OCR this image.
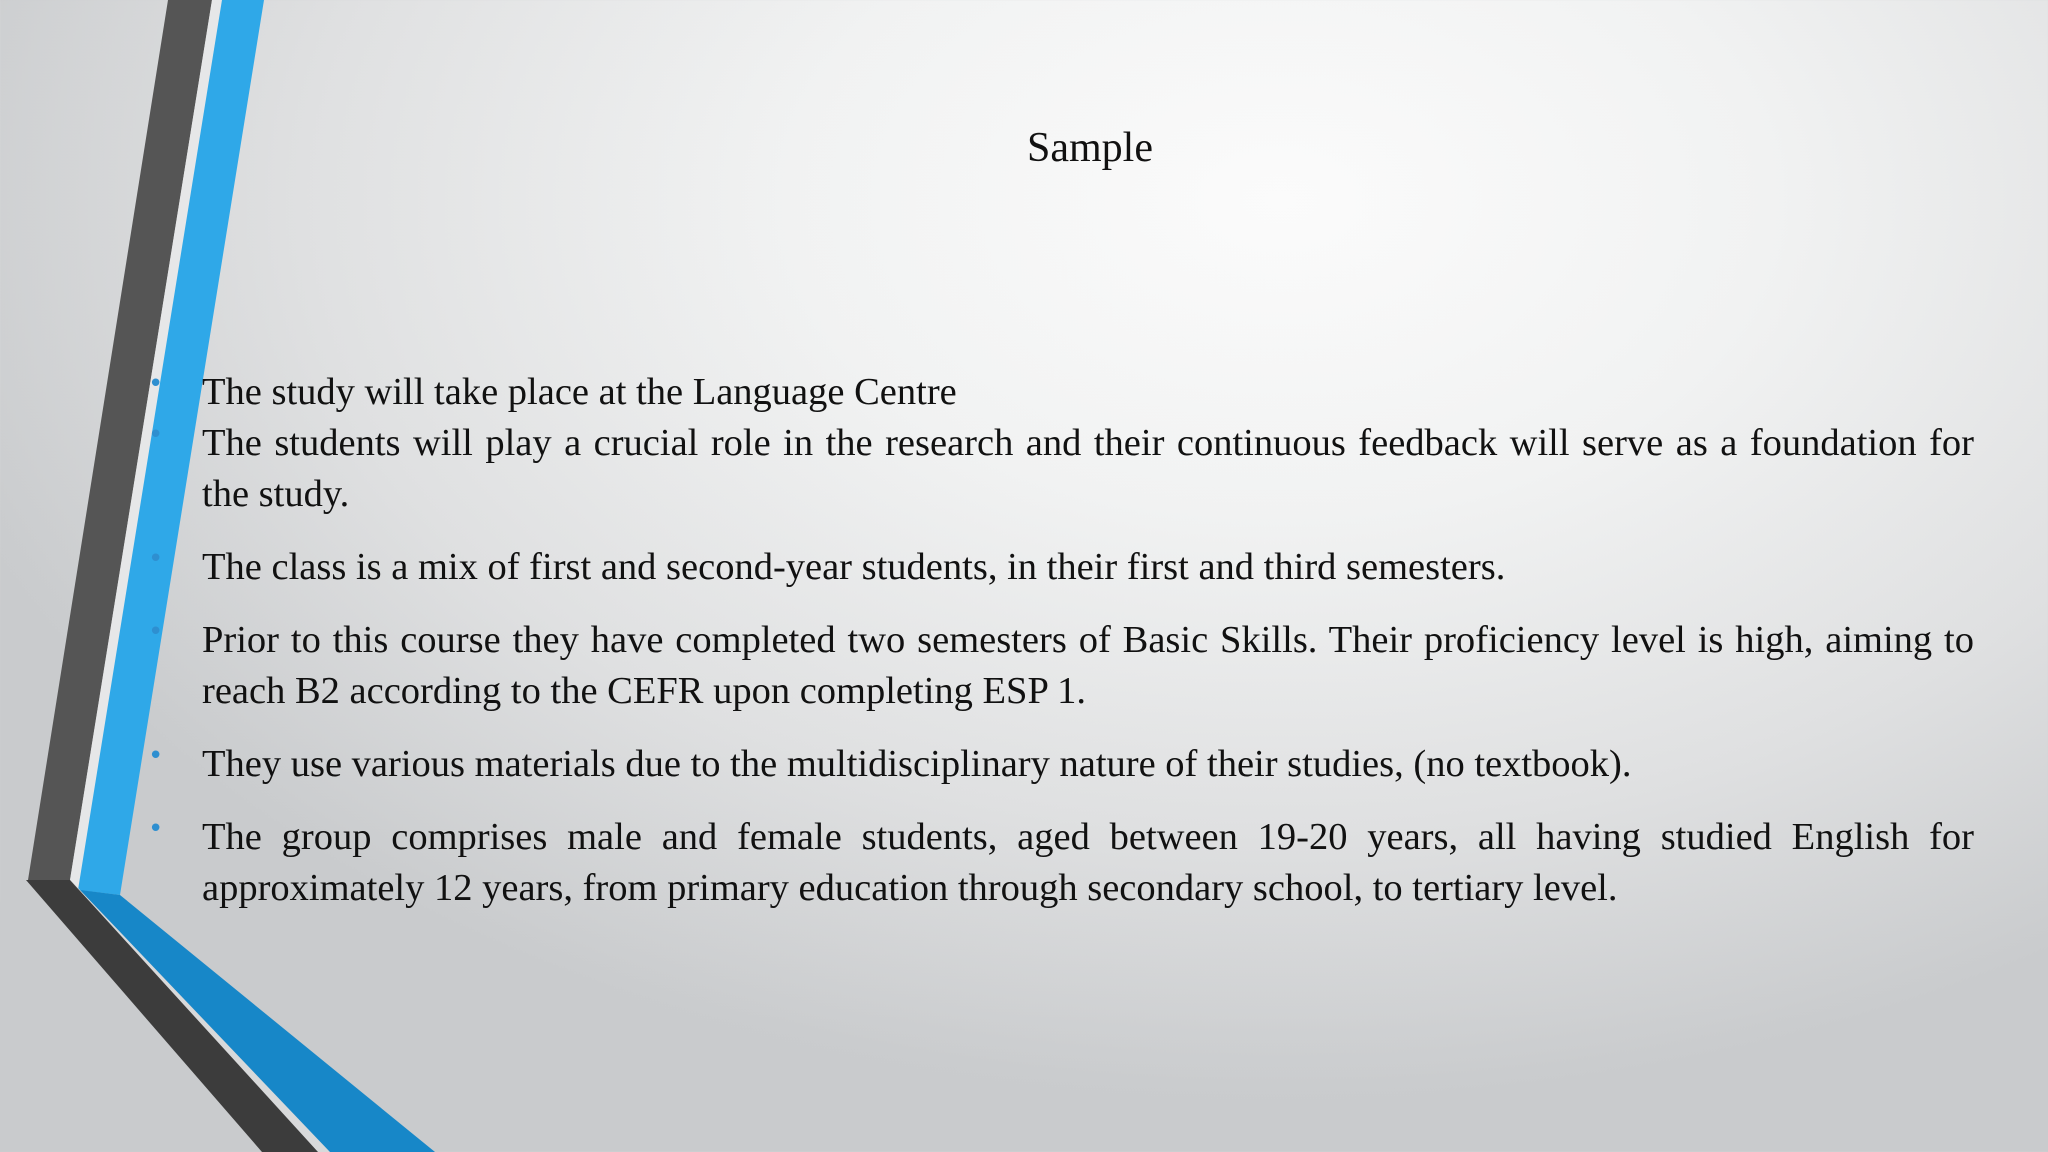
Sample
• The study will take place at the Language Centre
• The students will play a crucial role in the research and their continuous feedback will serve as a foundation for the study.
• The class is a mix of first and second-year students, in their first and third semesters.
• Prior to this course they have completed two semesters of Basic Skills. Their proficiency level is high, aiming to reach B2 according to the CEFR upon completing ESP 1.
• They use various materials due to the multidisciplinary nature of their studies, (no textbook).
• The group comprises male and female students, aged between 19-20 years, all having studied English for approximately 12 years, from primary education through secondary school, to tertiary level.
